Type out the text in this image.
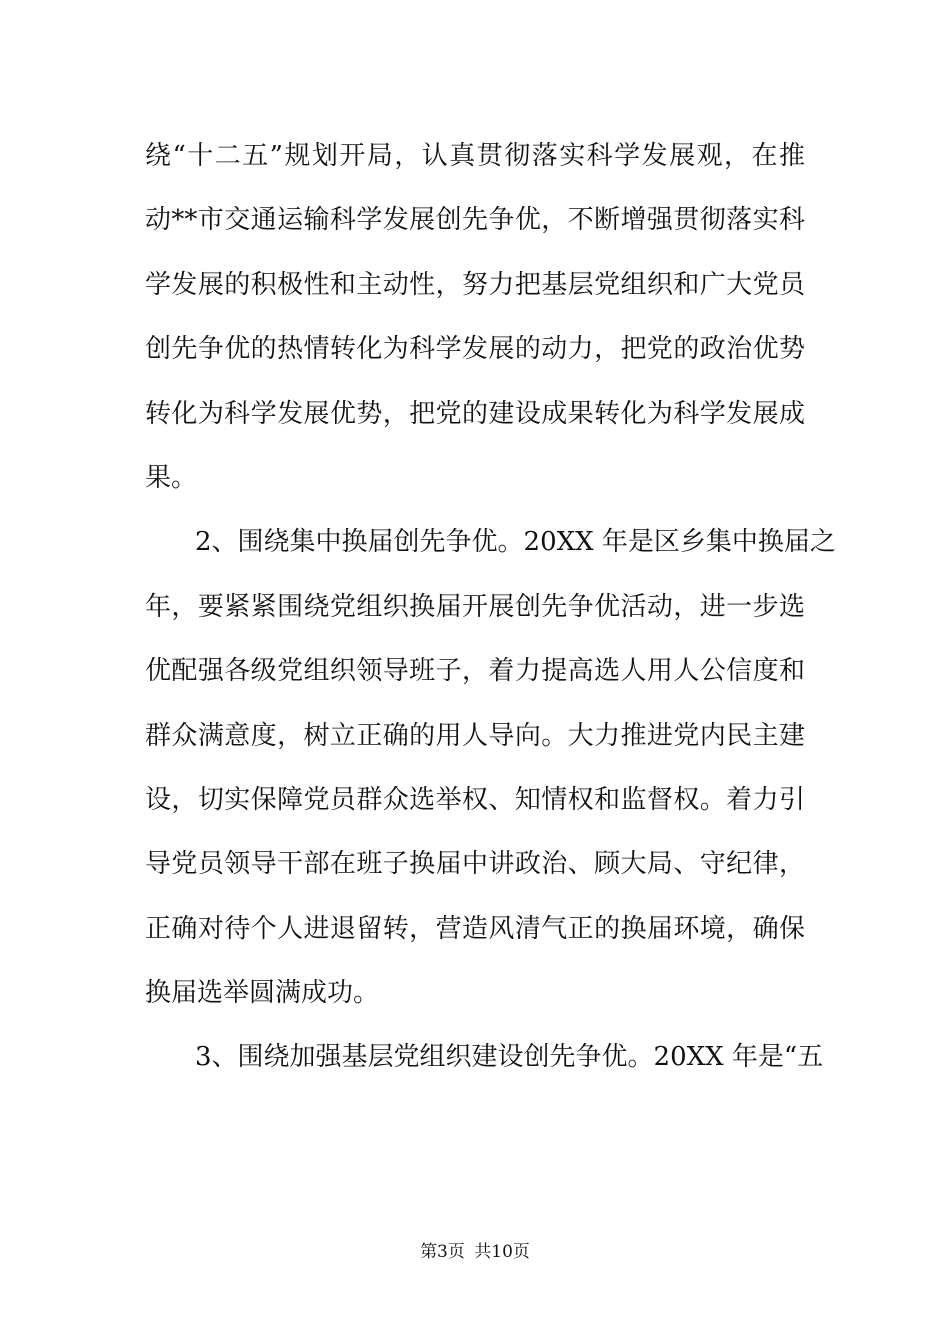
绕“十二五”规划开局，认真贯彻落实科学发展观，在推
动**市交通运输科学发展创先争优，不断增强贯彻落实科
学发展的积极性和主动性，努力把基层党组织和广大党员
创先争优的热情转化为科学发展的动力，把党的政治优势
转化为科学发展优势，把党的建设成果转化为科学发展成
果。
2、围绕集中换届创先争优。20XX 年是区乡集中换届之
年，要紧紧围绕党组织换届开展创先争优活动，进一步选
优配强各级党组织领导班子，着力提高选人用人公信度和
群众满意度，树立正确的用人导向。大力推进党内民主建
设，切实保障党员群众选举权、知情权和监督权。着力引
导党员领导干部在班子换届中讲政治、顾大局、守纪律，
正确对待个人进退留转，营造风清气正的换届环境，确保
换届选举圆满成功。
3、围绕加强基层党组织建设创先争优。20XX 年是“五
第3页 共10页
